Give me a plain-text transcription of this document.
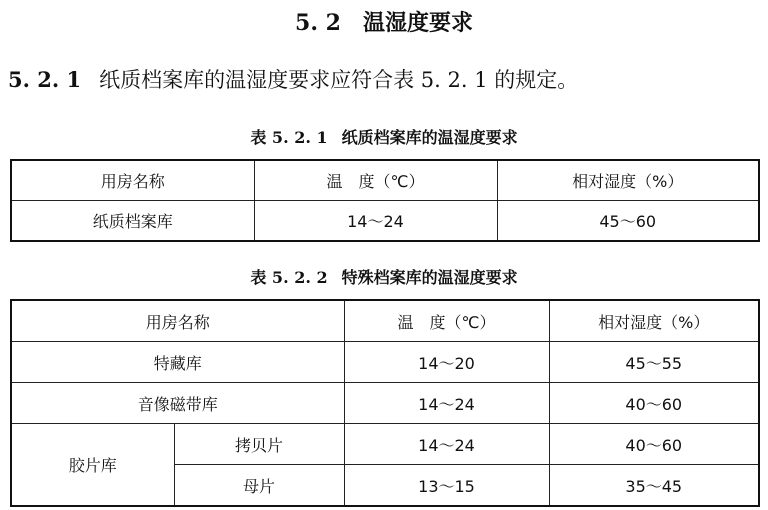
5. 2 温湿度要求
5. 2. 1 纸质档案库的温湿度要求应符合表 5. 2. 1 的规定。
表 5. 2. 1 纸质档案库的温湿度要求
用房名称	温　度（℃）	相对湿度（%）
纸质档案库	14～24	45～60
表 5. 2. 2 特殊档案库的温湿度要求
用房名称		温　度（℃）	相对湿度（%）
特藏库		14～20	45～55
音像磁带库		14～24	40～60
胶片库	拷贝片	14～24	40～60
	母片	13～15	35～45
